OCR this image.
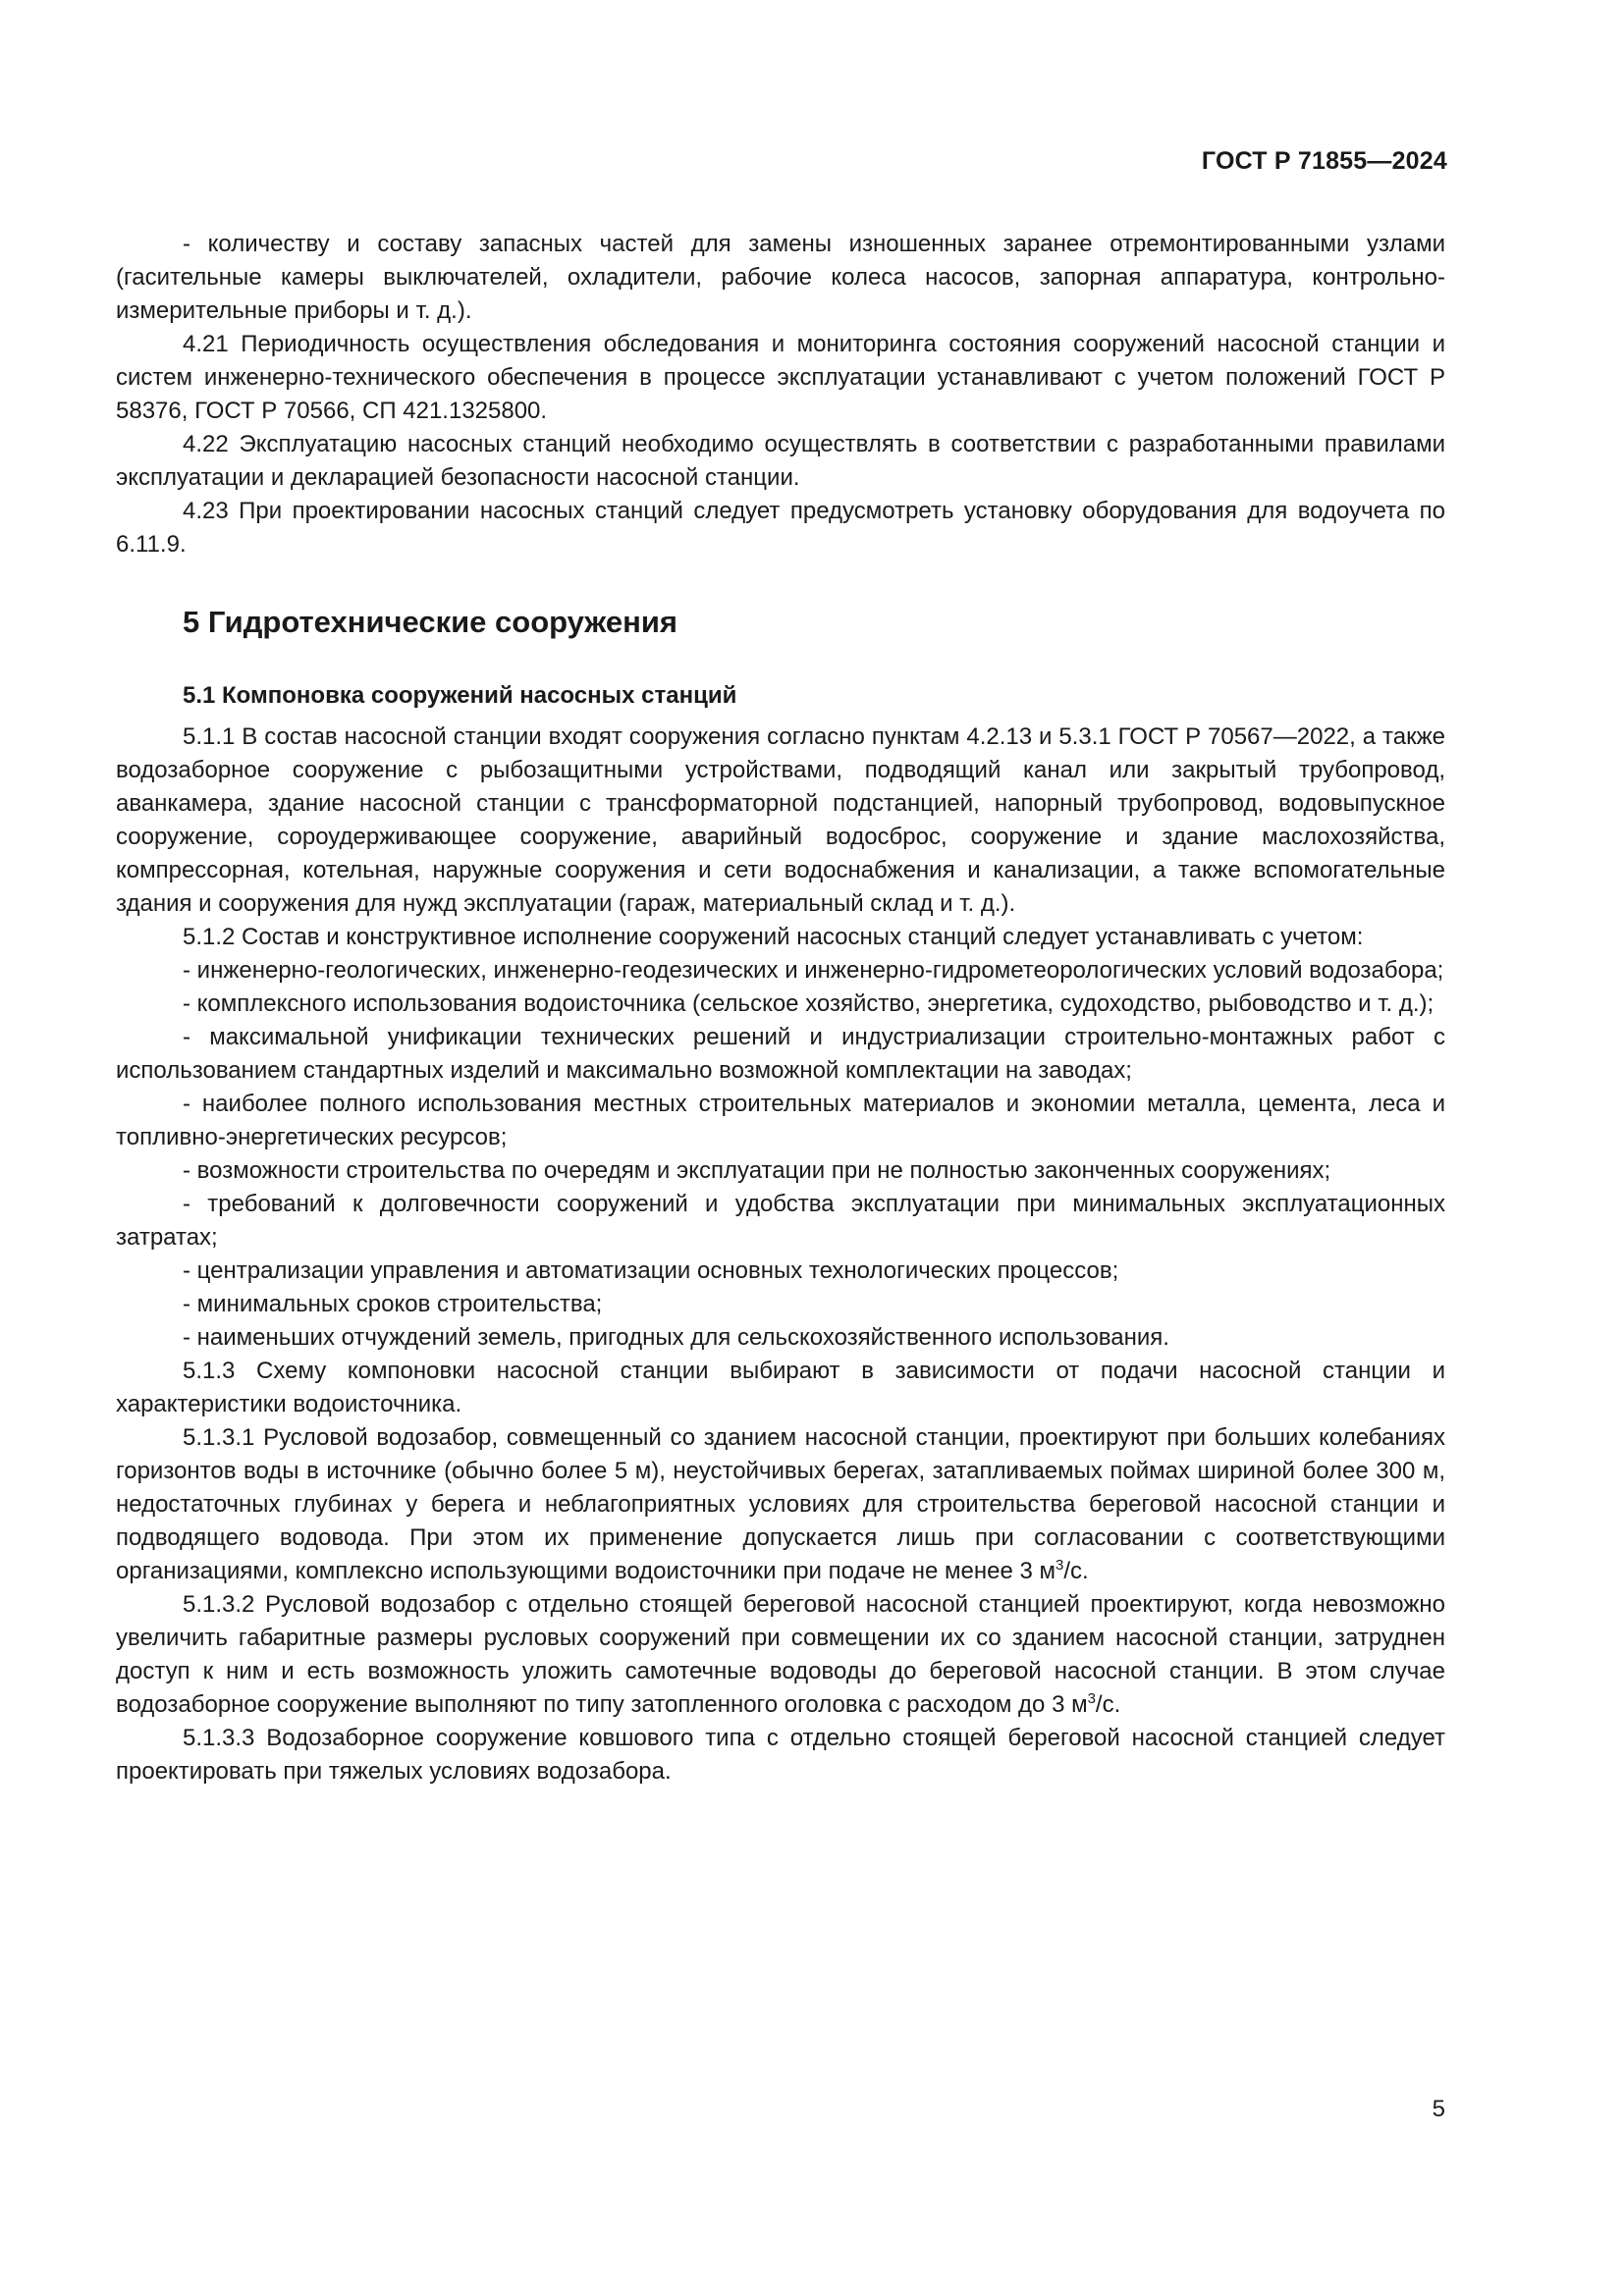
ГОСТ Р 71855—2024

- количеству и составу запасных частей для замены изношенных заранее отремонтированными узлами (гасительные камеры выключателей, охладители, рабочие колеса насосов, запорная аппаратура, контрольно-измерительные приборы и т. д.).

4.21 Периодичность осуществления обследования и мониторинга состояния сооружений насосной станции и систем инженерно-технического обеспечения в процессе эксплуатации устанавливают с учетом положений ГОСТ Р 58376, ГОСТ Р 70566, СП 421.1325800.

4.22 Эксплуатацию насосных станций необходимо осуществлять в соответствии с разработанными правилами эксплуатации и декларацией безопасности насосной станции.

4.23 При проектировании насосных станций следует предусмотреть установку оборудования для водоучета по 6.11.9.

5 Гидротехнические сооружения
5.1 Компоновка сооружений насосных станций

5.1.1 В состав насосной станции входят сооружения согласно пунктам 4.2.13 и 5.3.1 ГОСТ Р 70567—2022, а также водозаборное сооружение с рыбозащитными устройствами, подводящий канал или закрытый трубопровод, аванкамера, здание насосной станции с трансформаторной подстанцией, напорный трубопровод, водовыпускное сооружение, сороудерживающее сооружение, аварийный водосброс, сооружение и здание маслохозяйства, компрессорная, котельная, наружные сооружения и сети водоснабжения и канализации, а также вспомогательные здания и сооружения для нужд эксплуатации (гараж, материальный склад и т. д.).

5.1.2 Состав и конструктивное исполнение сооружений насосных станций следует устанавливать с учетом:

- инженерно-геологических, инженерно-геодезических и инженерно-гидрометеорологических условий водозабора;

- комплексного использования водоисточника (сельское хозяйство, энергетика, судоходство, рыбоводство и т. д.);

- максимальной унификации технических решений и индустриализации строительно-монтажных работ с использованием стандартных изделий и максимально возможной комплектации на заводах;

- наиболее полного использования местных строительных материалов и экономии металла, цемента, леса и топливно-энергетических ресурсов;

- возможности строительства по очередям и эксплуатации при не полностью законченных сооружениях;

- требований к долговечности сооружений и удобства эксплуатации при минимальных эксплуатационных затратах;

- централизации управления и автоматизации основных технологических процессов;

- минимальных сроков строительства;

- наименьших отчуждений земель, пригодных для сельскохозяйственного использования.

5.1.3 Схему компоновки насосной станции выбирают в зависимости от подачи насосной станции и характеристики водоисточника.

5.1.3.1 Русловой водозабор, совмещенный со зданием насосной станции, проектируют при больших колебаниях горизонтов воды в источнике (обычно более 5 м), неустойчивых берегах, затапливаемых поймах шириной более 300 м, недостаточных глубинах у берега и неблагоприятных условиях для строительства береговой насосной станции и подводящего водовода. При этом их применение допускается лишь при согласовании с соответствующими организациями, комплексно использующими водоисточники при подаче не менее 3 $м^3/с$.

5.1.3.2 Русловой водозабор с отдельно стоящей береговой насосной станцией проектируют, когда невозможно увеличить габаритные размеры русловых сооружений при совмещении их со зданием насосной станции, затруднен доступ к ним и есть возможность уложить самотечные водоводы до береговой насосной станции. В этом случае водозаборное сооружение выполняют по типу затопленного оголовка с расходом до 3 $м^3/с$.

5.1.3.3 Водозаборное сооружение ковшового типа с отдельно стоящей береговой насосной станцией следует проектировать при тяжелых условиях водозабора.

5
